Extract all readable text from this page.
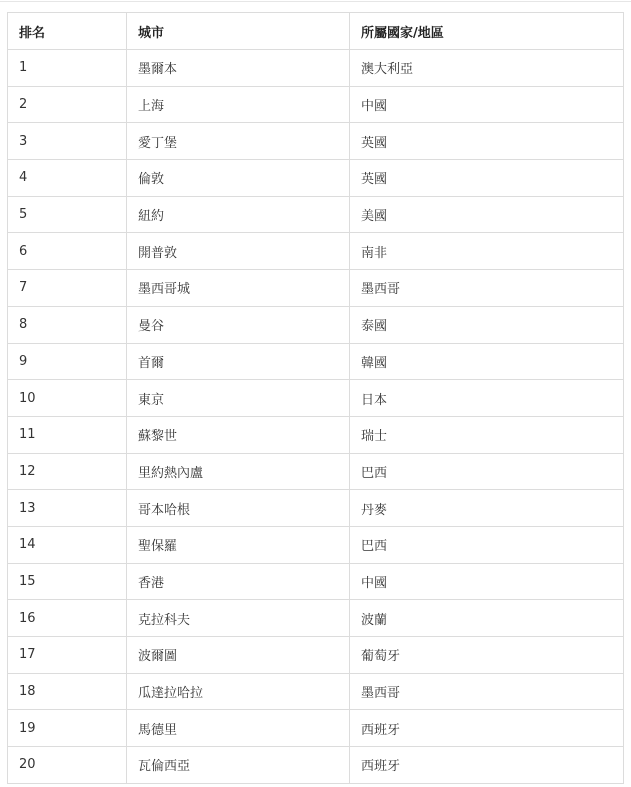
排名	城市	所屬國家/地區
1	墨爾本	澳大利亞
2	上海	中國
3	愛丁堡	英國
4	倫敦	英國
5	紐約	美國
6	開普敦	南非
7	墨西哥城	墨西哥
8	曼谷	泰國
9	首爾	韓國
10	東京	日本
11	蘇黎世	瑞士
12	里約熱內盧	巴西
13	哥本哈根	丹麥
14	聖保羅	巴西
15	香港	中國
16	克拉科夫	波蘭
17	波爾圖	葡萄牙
18	瓜達拉哈拉	墨西哥
19	馬德里	西班牙
20	瓦倫西亞	西班牙
